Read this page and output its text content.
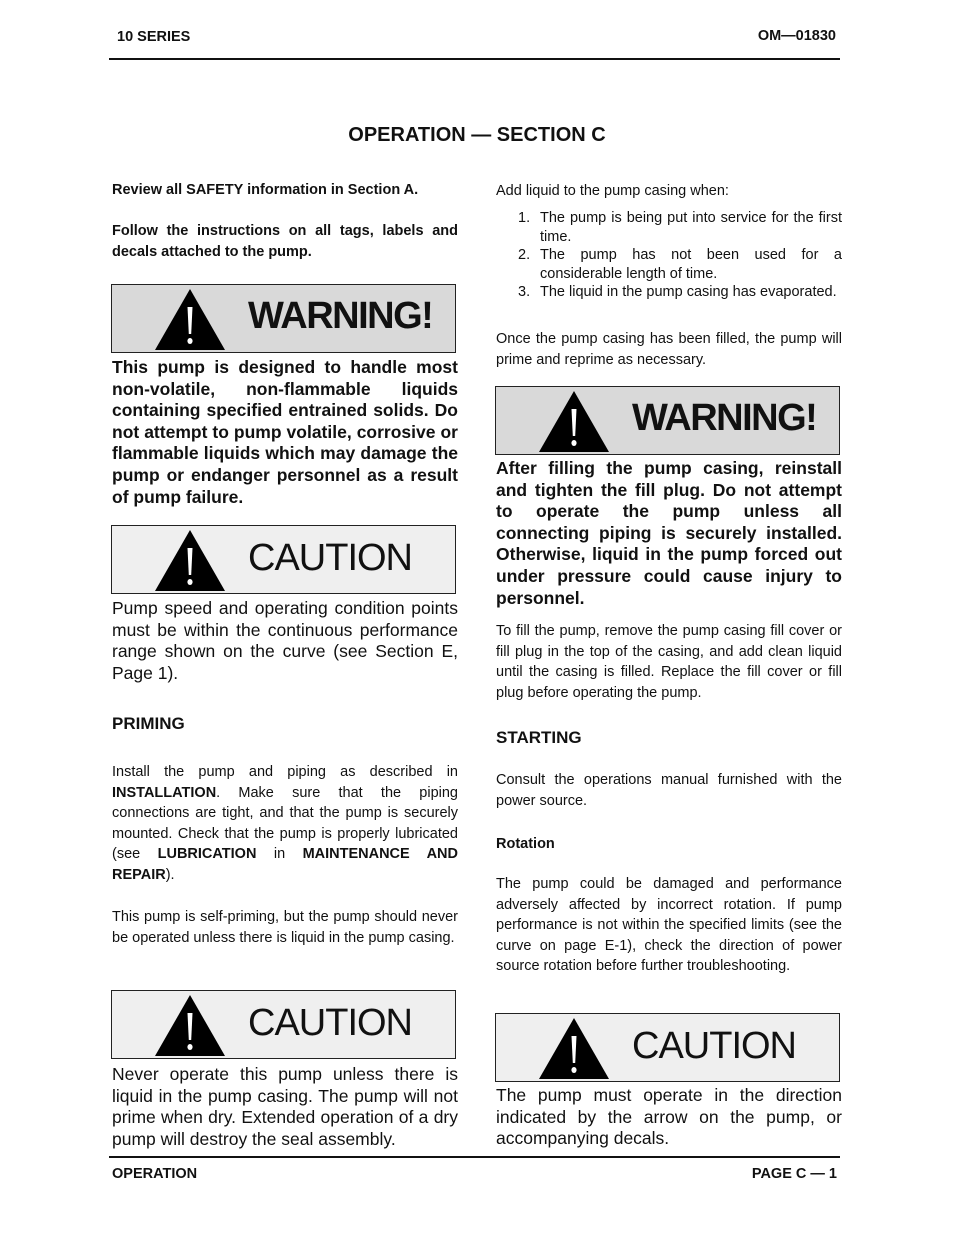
10 SERIES	OM—01830
OPERATION — SECTION C
Review all SAFETY information in Section A.
Follow the instructions on all tags, labels and decals attached to the pump.
WARNING!
This pump is designed to handle most non-volatile, non-flammable liquids containing specified entrained solids. Do not attempt to pump volatile, corrosive or flammable liquids which may damage the pump or endanger personnel as a result of pump failure.
CAUTION
Pump speed and operating condition points must be within the continuous performance range shown on the curve (see Section E, Page 1).
PRIMING
Install the pump and piping as described in INSTALLATION. Make sure that the piping connections are tight, and that the pump is securely mounted. Check that the pump is properly lubricated (see LUBRICATION in MAINTENANCE AND REPAIR).
This pump is self-priming, but the pump should never be operated unless there is liquid in the pump casing.
CAUTION
Never operate this pump unless there is liquid in the pump casing. The pump will not prime when dry. Extended operation of a dry pump will destroy the seal assembly.
Add liquid to the pump casing when:
1. The pump is being put into service for the first time.
2. The pump has not been used for a considerable length of time.
3. The liquid in the pump casing has evaporated.
Once the pump casing has been filled, the pump will prime and reprime as necessary.
WARNING!
After filling the pump casing, reinstall and tighten the fill plug. Do not attempt to operate the pump unless all connecting piping is securely installed. Otherwise, liquid in the pump forced out under pressure could cause injury to personnel.
To fill the pump, remove the pump casing fill cover or fill plug in the top of the casing, and add clean liquid until the casing is filled. Replace the fill cover or fill plug before operating the pump.
STARTING
Consult the operations manual furnished with the power source.
Rotation
The pump could be damaged and performance adversely affected by incorrect rotation. If pump performance is not within the specified limits (see the curve on page E-1), check the direction of power source rotation before further troubleshooting.
CAUTION
The pump must operate in the direction indicated by the arrow on the pump, or accompanying decals.
OPERATION	PAGE C — 1
